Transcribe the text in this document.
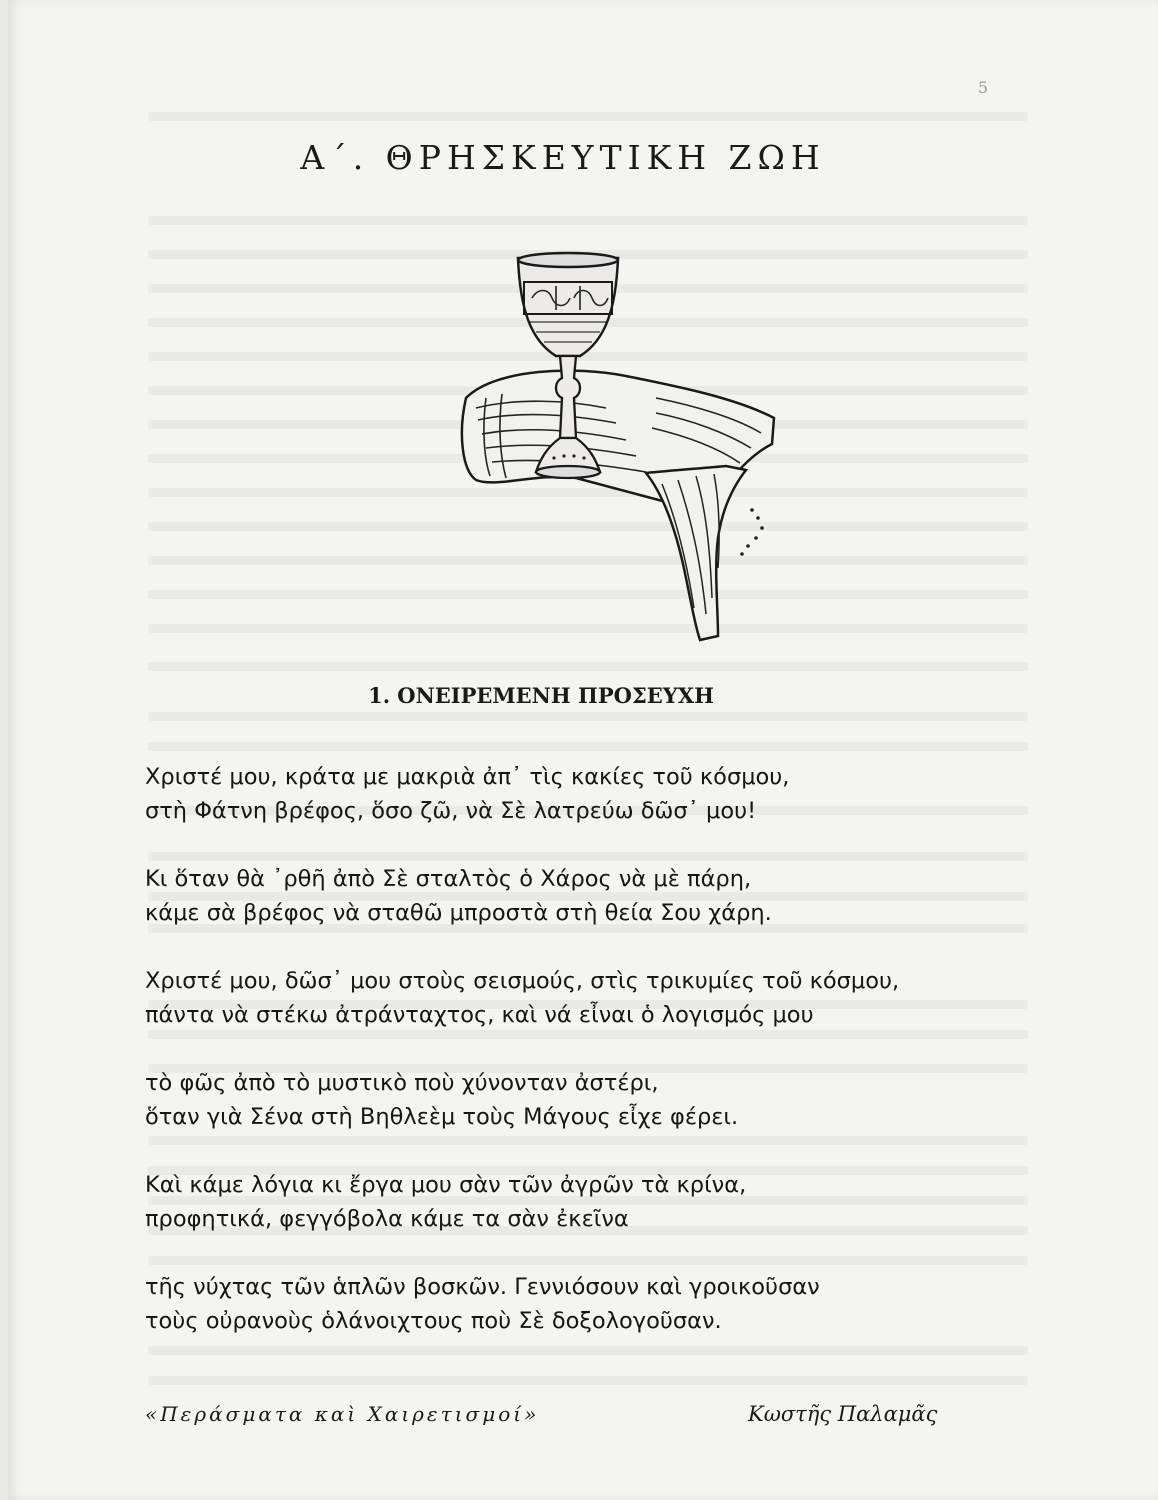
5
Α΄. ΘΡΗΣΚΕΥΤΙΚΗ ΖΩΗ
1. ΟΝΕΙΡΕΜΕΝΗ ΠΡΟΣΕΥΧΗ
Χριστέ μου, κράτα με μακριὰ ἀπ᾽ τὶς κακίες τοῦ κόσμου,
στὴ Φάτνη βρέφος, ὅσο ζῶ, νὰ Σὲ λατρεύω δῶσ᾽ μου!
Κι ὅταν θὰ ᾽ρθῆ ἀπὸ Σὲ σταλτὸς ὁ Χάρος νὰ μὲ πάρη,
κάμε σὰ βρέφος νὰ σταθῶ μπροστὰ στὴ θεία Σου χάρη.
Χριστέ μου, δῶσ᾽ μου στοὺς σεισμούς, στὶς τρικυμίες τοῦ κόσμου,
πάντα νὰ στέκω ἀτράνταχτος, καὶ νά εἶναι ὁ λογισμός μου
τὸ φῶς ἀπὸ τὸ μυστικὸ ποὺ χύνονταν ἀστέρι,
ὅταν γιὰ Σένα στὴ Βηθλεὲμ τοὺς Μάγους εἶχε φέρει.
Καὶ κάμε λόγια κι ἔργα μου σὰν τῶν ἀγρῶν τὰ κρίνα,
προφητικά, φεγγόβολα κάμε τα σὰν ἐκεῖνα
τῆς νύχτας τῶν ἁπλῶν βοσκῶν. Γεννιόσουν καὶ γροικοῦσαν
τοὺς οὐρανοὺς ὁλάνοιχτους ποὺ Σὲ δοξολογοῦσαν.
«Περάσματα καὶ Χαιρετισμοί»	Κωστῆς Παλαμᾶς
